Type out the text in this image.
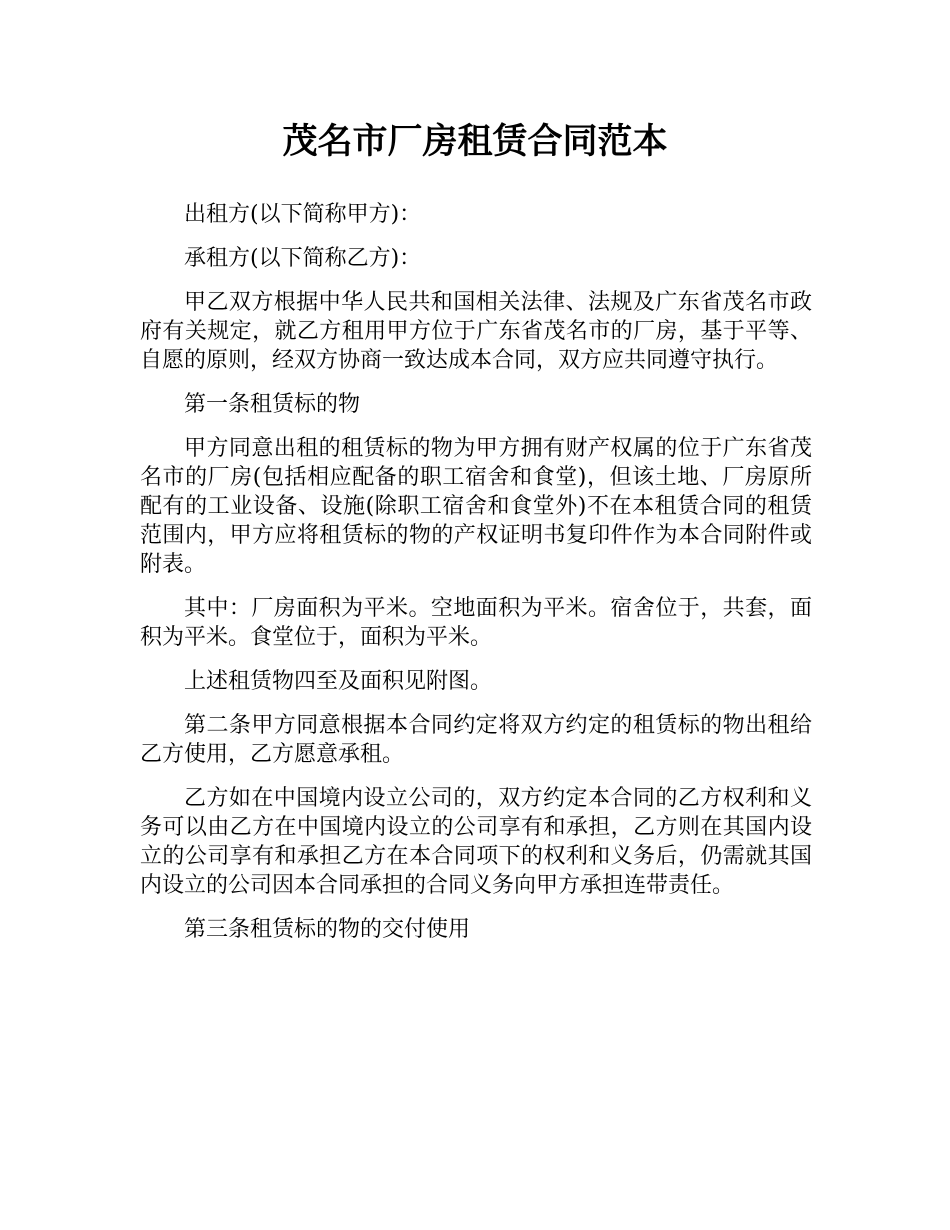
茂名市厂房租赁合同范本

出租方(以下简称甲方)：

承租方(以下简称乙方)：

甲乙双方根据中华人民共和国相关法律、法规及广东省茂名市政府有关规定，就乙方租用甲方位于广东省茂名市的厂房，基于平等、自愿的原则，经双方协商一致达成本合同，双方应共同遵守执行。

第一条租赁标的物

甲方同意出租的租赁标的物为甲方拥有财产权属的位于广东省茂名市的厂房(包括相应配备的职工宿舍和食堂)，但该土地、厂房原所配有的工业设备、设施(除职工宿舍和食堂外)不在本租赁合同的租赁范围内，甲方应将租赁标的物的产权证明书复印件作为本合同附件或附表。

其中：厂房面积为平米。空地面积为平米。宿舍位于，共套，面积为平米。食堂位于，面积为平米。

上述租赁物四至及面积见附图。

第二条甲方同意根据本合同约定将双方约定的租赁标的物出租给乙方使用，乙方愿意承租。

乙方如在中国境内设立公司的，双方约定本合同的乙方权利和义务可以由乙方在中国境内设立的公司享有和承担，乙方则在其国内设立的公司享有和承担乙方在本合同项下的权利和义务后，仍需就其国内设立的公司因本合同承担的合同义务向甲方承担连带责任。

第三条租赁标的物的交付使用
